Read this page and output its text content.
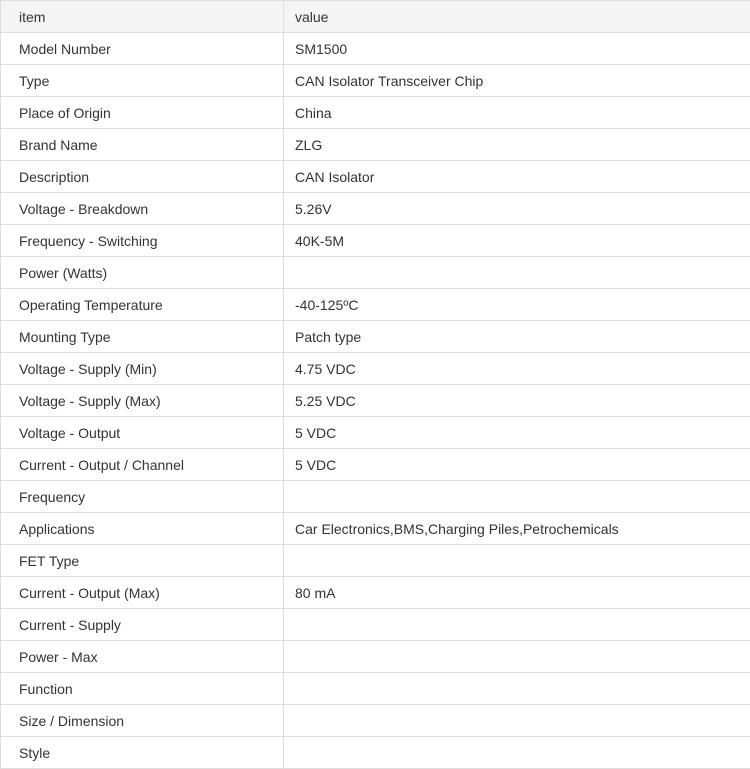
item	value
Model Number	SM1500
Type	CAN Isolator Transceiver Chip
Place of Origin	China
Brand Name	ZLG
Description	CAN Isolator
Voltage - Breakdown	5.26V
Frequency - Switching	40K-5M
Power (Watts)	
Operating Temperature	-40-125ºC
Mounting Type	Patch type
Voltage - Supply (Min)	4.75 VDC
Voltage - Supply (Max)	5.25 VDC
Voltage - Output	5 VDC
Current - Output / Channel	5 VDC
Frequency	
Applications	Car Electronics,BMS,Charging Piles,Petrochemicals
FET Type	
Current - Output (Max)	80 mA
Current - Supply	
Power - Max	
Function	
Size / Dimension	
Style	
